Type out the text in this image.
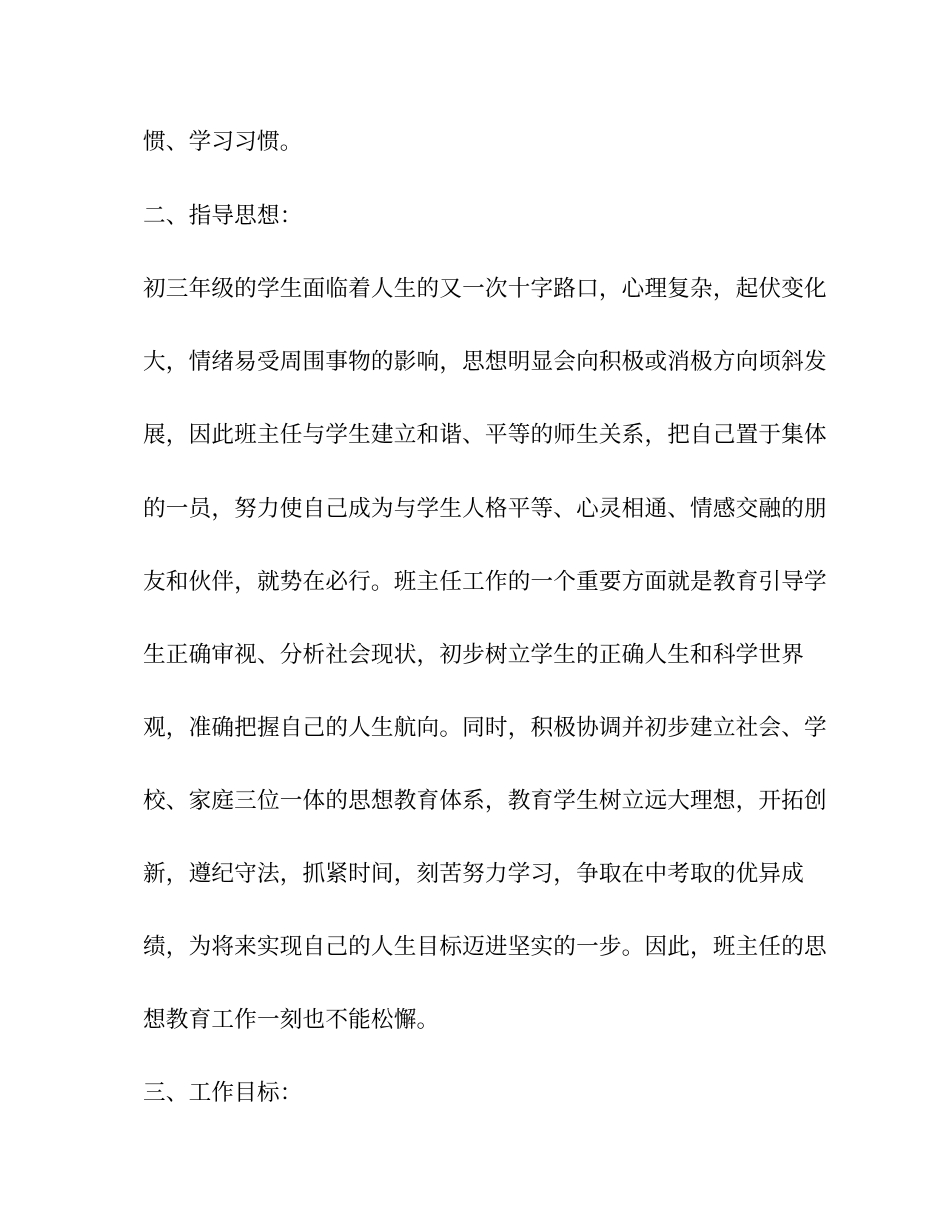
惯、学习习惯。
二、指导思想：
初三年级的学生面临着人生的又一次十字路口，心理复杂，起伏变化
大，情绪易受周围事物的影响，思想明显会向积极或消极方向顷斜发
展，因此班主任与学生建立和谐、平等的师生关系，把自己置于集体
的一员，努力使自己成为与学生人格平等、心灵相通、情感交融的朋
友和伙伴，就势在必行。班主任工作的一个重要方面就是教育引导学
生正确审视、分析社会现状，初步树立学生的正确人生和科学世界
观，准确把握自己的人生航向。同时，积极协调并初步建立社会、学
校、家庭三位一体的思想教育体系，教育学生树立远大理想，开拓创
新，遵纪守法，抓紧时间，刻苦努力学习，争取在中考取的优异成
绩，为将来实现自己的人生目标迈进坚实的一步。因此，班主任的思
想教育工作一刻也不能松懈。
三、工作目标：
